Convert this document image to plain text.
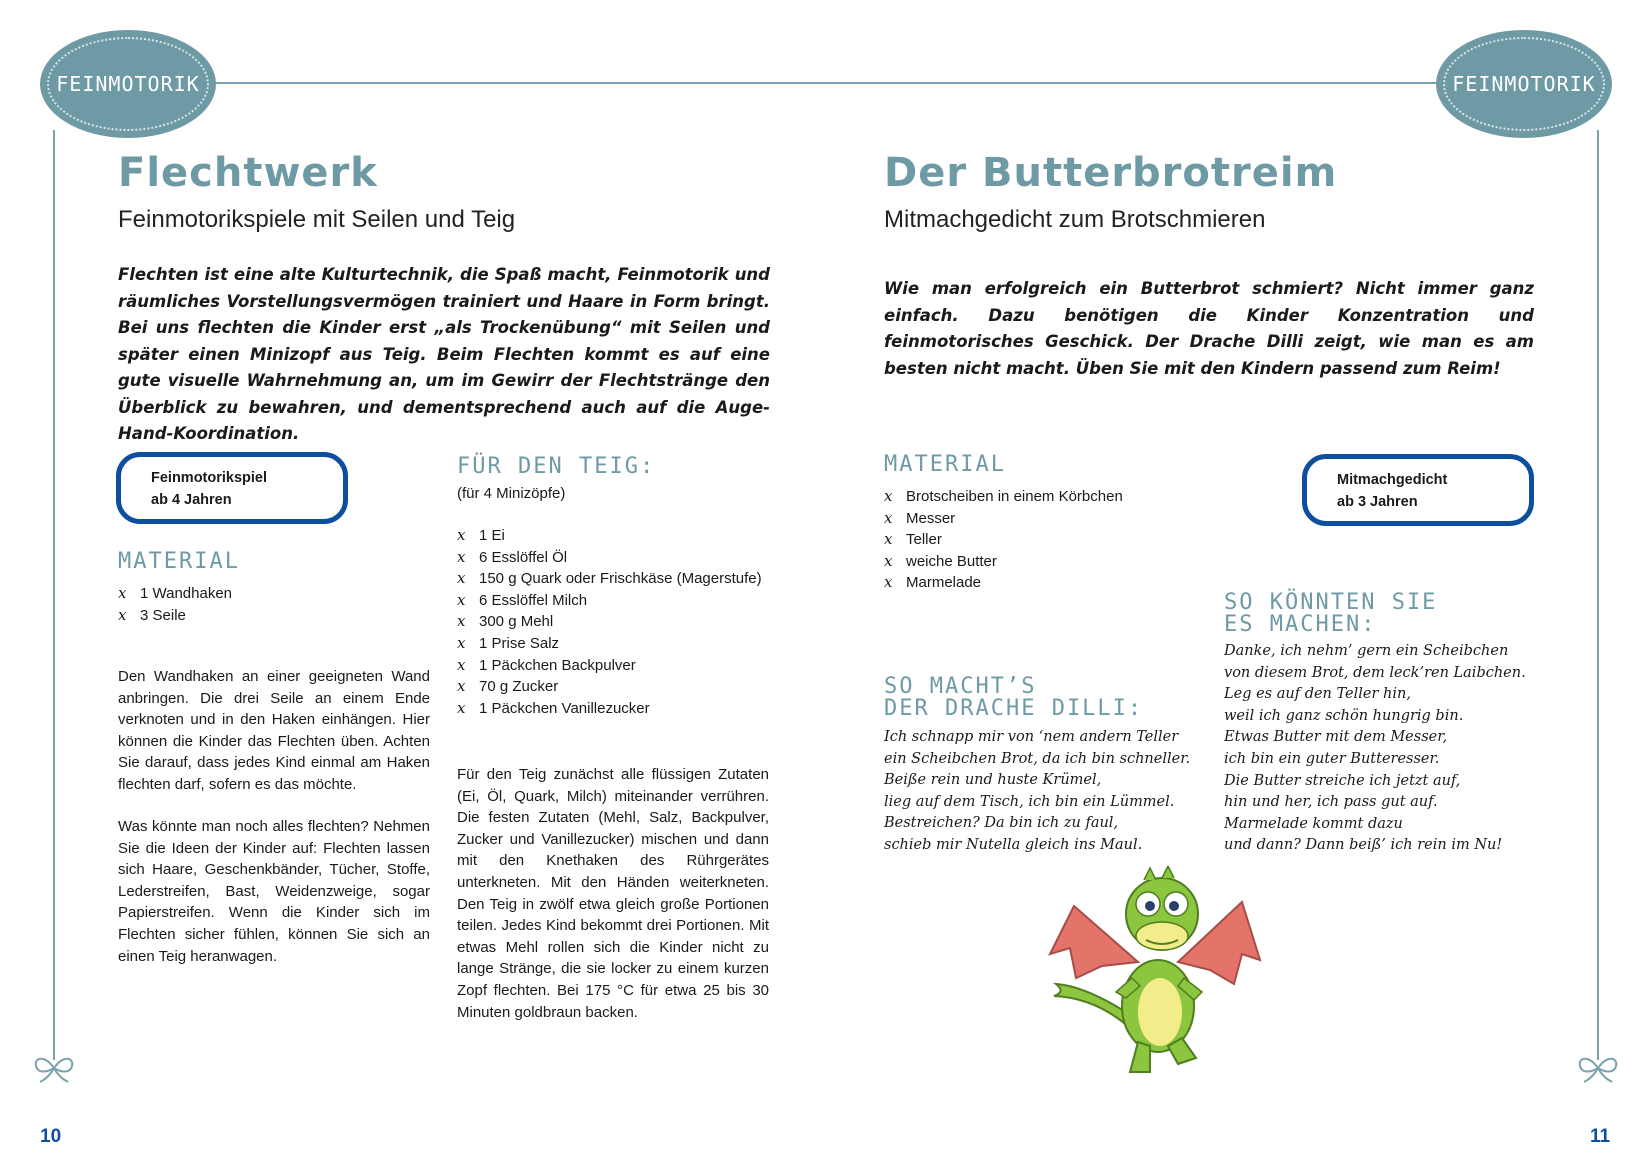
FEINMOTORIK	FEINMOTORIK
Flechtwerk
Feinmotorikspiele mit Seilen und Teig
Flechten ist eine alte Kulturtechnik, die Spaß macht, Feinmotorik und räumliches Vorstellungsvermögen trainiert und Haare in Form bringt. Bei uns flechten die Kinder erst „als Trockenübung“ mit Seilen und später einen Minizopf aus Teig. Beim Flechten kommt es auf eine gute visuelle Wahrnehmung an, um im Gewirr der Flechtstränge den Überblick zu bewahren, und dementsprechend auch auf die Auge-Hand-Koordination.
Feinmotorikspiel
ab 4 Jahren
MATERIAL
x 1 Wandhaken
x 3 Seile
Den Wandhaken an einer geeigneten Wand anbringen. Die drei Seile an einem Ende verknoten und in den Haken einhängen. Hier können die Kinder das Flechten üben. Achten Sie darauf, dass jedes Kind einmal am Haken flechten darf, sofern es das möchte.
Was könnte man noch alles flechten? Nehmen Sie die Ideen der Kinder auf: Flechten lassen sich Haare, Geschenkbänder, Tücher, Stoffe, Lederstreifen, Bast, Weidenzweige, sogar Papierstreifen. Wenn die Kinder sich im Flechten sicher fühlen, können Sie sich an einen Teig heranwagen.
FÜR DEN TEIG:
(für 4 Minizöpfe)
x 1 Ei
x 6 Esslöffel Öl
x 150 g Quark oder Frischkäse (Magerstufe)
x 6 Esslöffel Milch
x 300 g Mehl
x 1 Prise Salz
x 1 Päckchen Backpulver
x 70 g Zucker
x 1 Päckchen Vanillezucker
Für den Teig zunächst alle flüssigen Zutaten (Ei, Öl, Quark, Milch) miteinander verrühren. Die festen Zutaten (Mehl, Salz, Backpulver, Zucker und Vanillezucker) mischen und dann mit den Knethaken des Rührgerätes unterkneten. Mit den Händen weiterkneten. Den Teig in zwölf etwa gleich große Portionen teilen. Jedes Kind bekommt drei Portionen. Mit etwas Mehl rollen sich die Kinder nicht zu lange Stränge, die sie locker zu einem kurzen Zopf flechten. Bei 175 °C für etwa 25 bis 30 Minuten goldbraun backen.
Der Butterbrotreim
Mitmachgedicht zum Brotschmieren
Wie man erfolgreich ein Butterbrot schmiert? Nicht immer ganz einfach. Dazu benötigen die Kinder Konzentration und feinmotorisches Geschick. Der Drache Dilli zeigt, wie man es am besten nicht macht. Üben Sie mit den Kindern passend zum Reim!
MATERIAL
x Brotscheiben in einem Körbchen
x Messer
x Teller
x weiche Butter
x Marmelade
Mitmachgedicht
ab 3 Jahren
SO MACHT’S
DER DRACHE DILLI:
Ich schnapp mir von ‘nem andern Teller
ein Scheibchen Brot, da ich bin schneller.
Beiße rein und huste Krümel,
lieg auf dem Tisch, ich bin ein Lümmel.
Bestreichen? Da bin ich zu faul,
schieb mir Nutella gleich ins Maul.
SO KÖNNTEN SIE
ES MACHEN:
Danke, ich nehm’ gern ein Scheibchen
von diesem Brot, dem leck’ren Laibchen.
Leg es auf den Teller hin,
weil ich ganz schön hungrig bin.
Etwas Butter mit dem Messer,
ich bin ein guter Butteresser.
Die Butter streiche ich jetzt auf,
hin und her, ich pass gut auf.
Marmelade kommt dazu
und dann? Dann beiß’ ich rein im Nu!
10	11
